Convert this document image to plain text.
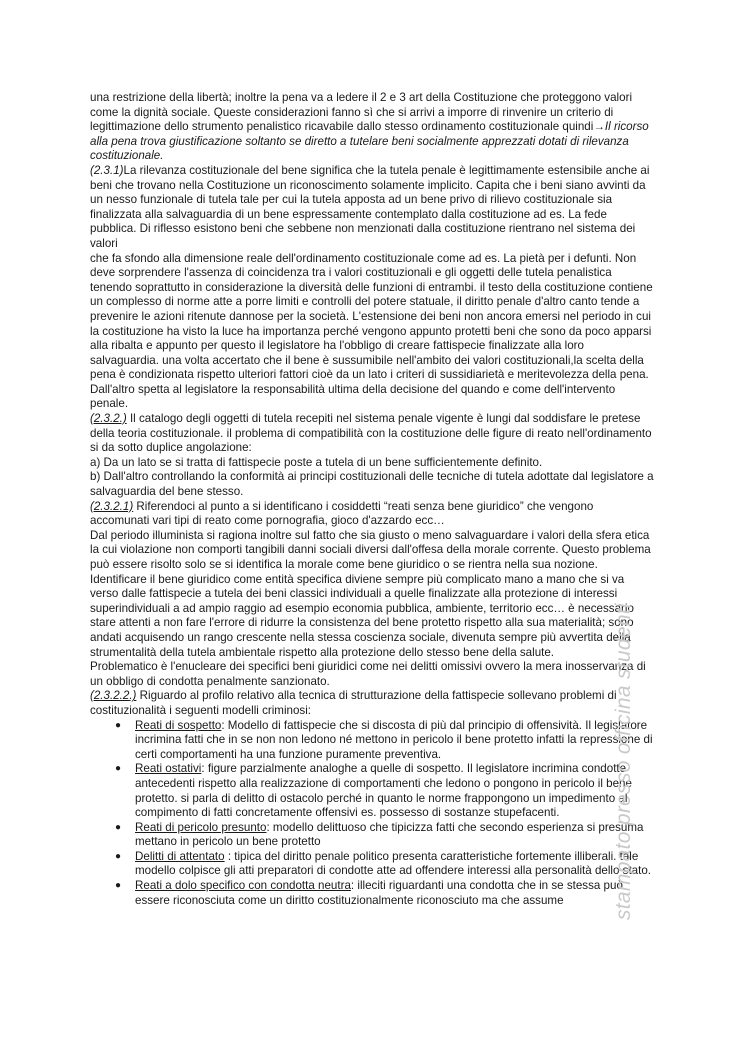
una restrizione della libertà; inoltre la pena va a ledere il 2 e 3 art della Costituzione che proteggono valori come la dignità sociale. Queste considerazioni fanno sì che si arrivi a imporre di rinvenire un criterio di legittimazione dello strumento penalistico ricavabile dallo stesso ordinamento costituzionale quindi→Il ricorso alla pena trova giustificazione soltanto se diretto a tutelare beni socialmente apprezzati dotati di rilevanza costituzionale.

(2.3.1)La rilevanza costituzionale del bene significa che la tutela penale è legittimamente estensibile anche ai beni che trovano nella Costituzione un riconoscimento solamente implicito. Capita che i beni siano avvinti da un nesso funzionale di tutela tale per cui la tutela apposta ad un bene privo di rilievo costituzionale sia finalizzata alla salvaguardia di un bene espressamente contemplato dalla costituzione ad es. La fede pubblica. Di riflesso esistono beni che sebbene non menzionati dalla costituzione rientrano nel sistema dei valori

che fa sfondo alla dimensione reale dell'ordinamento costituzionale come ad es. La pietà per i defunti. Non deve sorprendere l'assenza di coincidenza tra i valori costituzionali e gli oggetti delle tutela penalistica tenendo soprattutto in considerazione la diversità delle funzioni di entrambi. il testo della costituzione contiene un complesso di norme atte a porre limiti e controlli del potere statuale, il diritto penale d'altro canto tende a prevenire le azioni ritenute dannose per la società. L'estensione dei beni non ancora emersi nel periodo in cui la costituzione ha visto la luce ha importanza perché vengono appunto protetti beni che sono da poco apparsi alla ribalta e appunto per questo il legislatore ha l'obbligo di creare fattispecie finalizzate alla loro salvaguardia. una volta accertato che il bene è sussumibile nell'ambito dei valori costituzionali,la scelta della pena è condizionata rispetto ulteriori fattori cioè da un lato i criteri di sussidiarietà e meritevolezza della pena. Dall'altro spetta al legislatore la responsabilità ultima della decisione del quando e come dell'intervento penale.

(2.3.2.) Il catalogo degli oggetti di tutela recepiti nel sistema penale vigente è lungi dal soddisfare le pretese della teoria costituzionale. il problema di compatibilità con la costituzione delle figure di reato nell'ordinamento si da sotto duplice angolazione:

a) Da un lato se si tratta di fattispecie poste a tutela di un bene sufficientemente definito.

b) Dall'altro controllando la conformità ai principi costituzionali delle tecniche di tutela adottate dal legislatore a salvaguardia del bene stesso.

(2.3.2.1) Riferendoci al punto a si identificano i cosiddetti “reati senza bene giuridico” che vengono accomunati vari tipi di reato come pornografia, gioco d'azzardo ecc…

Dal periodo illuminista si ragiona inoltre sul fatto che sia giusto o meno salvaguardare i valori della sfera etica la cui violazione non comporti tangibili danni sociali diversi dall'offesa della morale corrente. Questo problema può essere risolto solo se si identifica la morale come bene giuridico o se rientra nella sua nozione.

Identificare il bene giuridico come entità specifica diviene sempre più complicato mano a mano che si va verso dalle fattispecie a tutela dei beni classici individuali a quelle finalizzate alla protezione di interessi superindividuali a ad ampio raggio ad esempio economia pubblica, ambiente, territorio ecc… è necessario stare attenti a non fare l'errore di ridurre la consistenza del bene protetto rispetto alla sua materialità; sono andati acquisendo un rango crescente nella stessa coscienza sociale, divenuta sempre più avvertita della strumentalità della tutela ambientale rispetto alla protezione dello stesso bene della salute.

Problematico è l'enucleare dei specifici beni giuridici come nei delitti omissivi ovvero la mera inosservanza di un obbligo di condotta penalmente sanzionato.

(2.3.2.2.) Riguardo al profilo relativo alla tecnica di strutturazione della fattispecie sollevano problemi di costituzionalità i seguenti modelli criminosi:

● Reati di sospetto: Modello di fattispecie che si discosta di più dal principio di offensività. Il legislatore incrimina fatti che in se non non ledono né mettono in pericolo il bene protetto infatti la repressione di certi comportamenti ha una funzione puramente preventiva.
● Reati ostativi: figure parzialmente analoghe a quelle di sospetto. Il legislatore incrimina condotte antecedenti rispetto alla realizzazione di comportamenti che ledono o pongono in pericolo il bene protetto. si parla di delitto di ostacolo perché in quanto le norme frappongono un impedimento al compimento di fatti concretamente offensivi es. possesso di sostanze stupefacenti.
● Reati di pericolo presunto: modello delittuoso che tipicizza fatti che secondo esperienza si presuma mettano in pericolo un bene protetto
● Delitti di attentato : tipica del diritto penale politico presenta caratteristiche fortemente illiberali. tale modello colpisce gli atti preparatori di condotte atte ad offendere interessi alla personalità dello stato.
● Reati a dolo specifico con condotta neutra: illeciti riguardanti una condotta che in se stessa può essere riconosciuta come un diritto costituzionalmente riconosciuto ma che assume	stampato presso officina studenti
